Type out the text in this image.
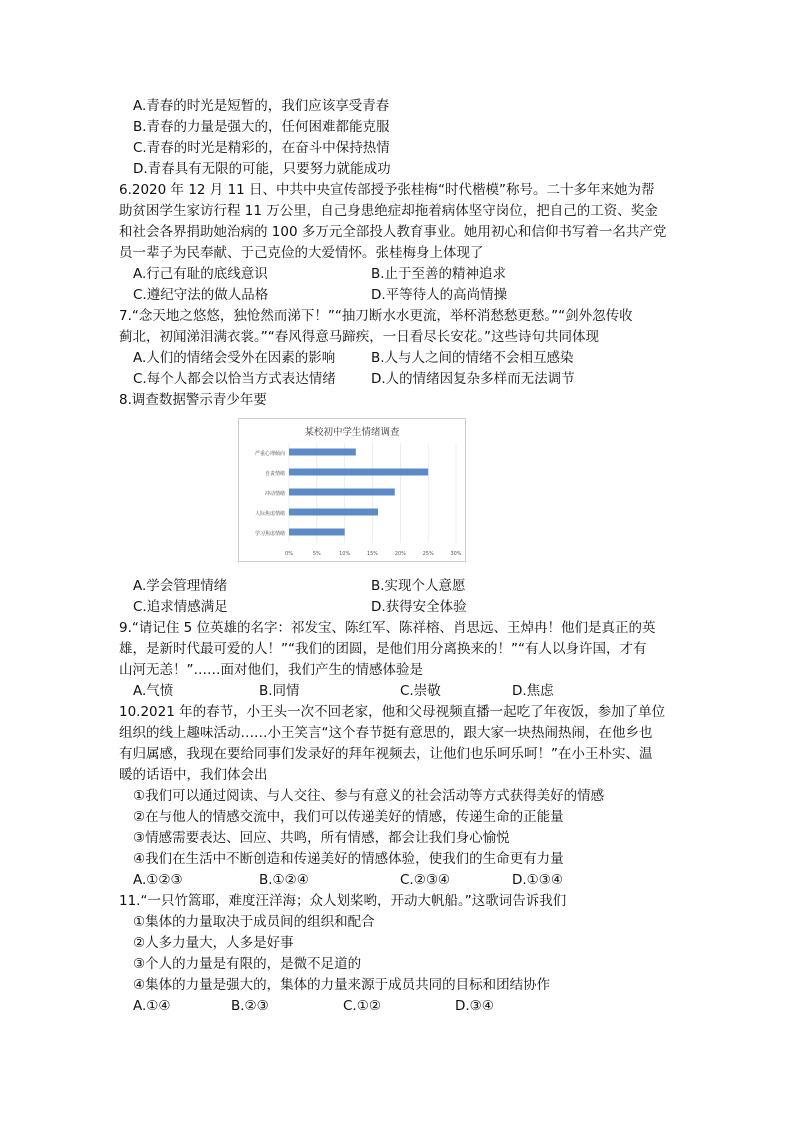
A.青春的时光是短暂的，我们应该享受青春
B.青春的力量是强大的，任何困难都能克服
C.青春的时光是精彩的，在奋斗中保持热情
D.青春具有无限的可能，只要努力就能成功
6.2020 年 12 月 11 日、中共中央宣传部授予张桂梅“时代楷模”称号。二十多年来她为帮
助贫困学生家访行程 11 万公里，自己身患绝症却拖着病体坚守岗位，把自己的工资、奖金
和社会各界捐助她治病的 100 多万元全部投人教育事业。她用初心和信仰书写着一名共产党
员一辈子为民奉献、于己克俭的大爱情怀。张桂梅身上体现了
A.行己有耻的底线意识	B.止于至善的精神追求
C.遵纪守法的做人品格	D.平等待人的高尚情操
7.“念天地之悠悠，独怆然而涕下！”“抽刀断水水更流，举杯消愁愁更愁。”“剑外忽传收
蓟北，初闻涕泪满衣裳。”“春风得意马蹄疾，一日看尽长安花。”这些诗句共同体现
A.人们的情绪会受外在因素的影响	B.人与人之间的情绪不会相互感染
C.每个人都会以恰当方式表达情绪	D.人的情绪因复杂多样而无法调节
8.调查数据警示青少年要
某校初中学生情绪调查
0%	5%	10%	15%	20%	25%	30%
严重心理倾向
自责情绪
冲动情绪
人际焦虑情绪
学习焦虑情绪
A.学会管理情绪	B.实现个人意愿
C.追求情感满足	D.获得安全体验
9.“请记住 5 位英雄的名字：祁发宝、陈红军、陈祥榕、肖思远、王焯冉！他们是真正的英
雄，是新时代最可爱的人！”“我们的团圆，是他们用分离换来的！”“有人以身许国，才有
山河无恙！”……面对他们，我们产生的情感体验是
A.气愤	B.同情	C.崇敬	D.焦虑
10.2021 年的春节，小王头一次不回老家，他和父母视频直播一起吃了年夜饭，参加了单位
组织的线上趣味活动……小王笑言“这个春节挺有意思的，跟大家一块热闹热闹，在他乡也
有归属感，我现在要给同事们发录好的拜年视频去，让他们也乐呵乐呵！”在小王朴实、温
暖的话语中，我们体会出
①我们可以通过阅读、与人交往、参与有意义的社会活动等方式获得美好的情感
②在与他人的情感交流中，我们可以传递美好的情感，传递生命的正能量
③情感需要表达、回应、共鸣，所有情感，都会让我们身心愉悦
④我们在生活中不断创造和传递美好的情感体验，使我们的生命更有力量
A.①②③	B.①②④	C.②③④	D.①③④
11.“一只竹篙耶，难度汪洋海；众人划桨哟，开动大帆船。”这歌词告诉我们
①集体的力量取决于成员间的组织和配合
②人多力量大，人多是好事
③个人的力量是有限的，是微不足道的
④集体的力量是强大的，集体的力量来源于成员共同的目标和团结协作
A.①④	B.②③	C.①②	D.③④
